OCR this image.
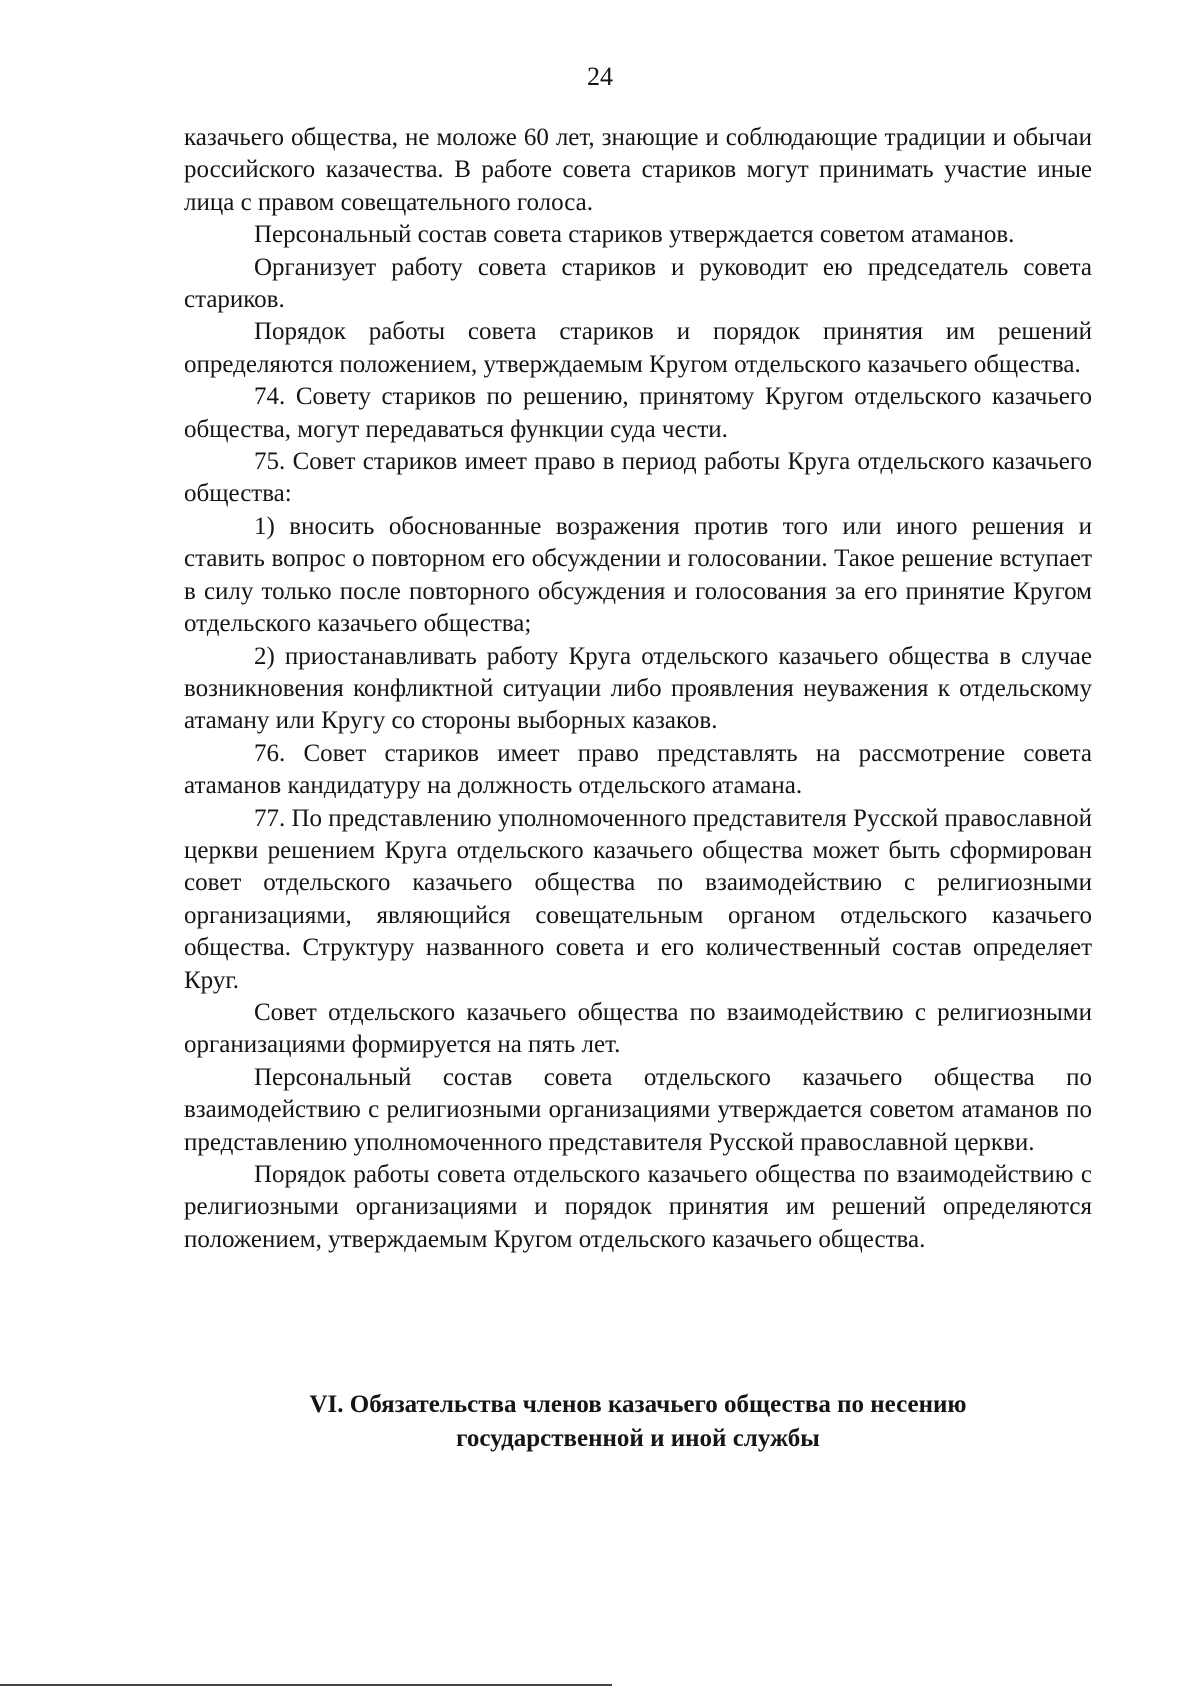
24

казачьего общества, не моложе 60 лет, знающие и соблюдающие традиции и обычаи российского казачества. В работе совета стариков могут принимать участие иные лица с правом совещательного голоса.

Персональный состав совета стариков утверждается советом атаманов.

Организует работу совета стариков и руководит ею председатель совета стариков.

Порядок работы совета стариков и порядок принятия им решений определяются положением, утверждаемым Кругом отдельского казачьего общества.

74. Совету стариков по решению, принятому Кругом отдельского казачьего общества, могут передаваться функции суда чести.

75. Совет стариков имеет право в период работы Круга отдельского казачьего общества:

1) вносить обоснованные возражения против того или иного решения и ставить вопрос о повторном его обсуждении и голосовании. Такое решение вступает в силу только после повторного обсуждения и голосования за его принятие Кругом отдельского казачьего общества;

2) приостанавливать работу Круга отдельского казачьего общества в случае возникновения конфликтной ситуации либо проявления неуважения к отдельскому атаману или Кругу со стороны выборных казаков.

76. Совет стариков имеет право представлять на рассмотрение совета атаманов кандидатуру на должность отдельского атамана.

77. По представлению уполномоченного представителя Русской православной церкви решением Круга отдельского казачьего общества может быть сформирован совет отдельского казачьего общества по взаимодействию с религиозными организациями, являющийся совещательным органом отдельского казачьего общества. Структуру названного совета и его количественный состав определяет Круг.

Совет отдельского казачьего общества по взаимодействию с религиозными организациями формируется на пять лет.

Персональный состав совета отдельского казачьего общества по взаимодействию с религиозными организациями утверждается советом атаманов по представлению уполномоченного представителя Русской православной церкви.

Порядок работы совета отдельского казачьего общества по взаимодействию с религиозными организациями и порядок принятия им решений определяются положением, утверждаемым Кругом отдельского казачьего общества.

VI. Обязательства членов казачьего общества по несению
государственной и иной службы
